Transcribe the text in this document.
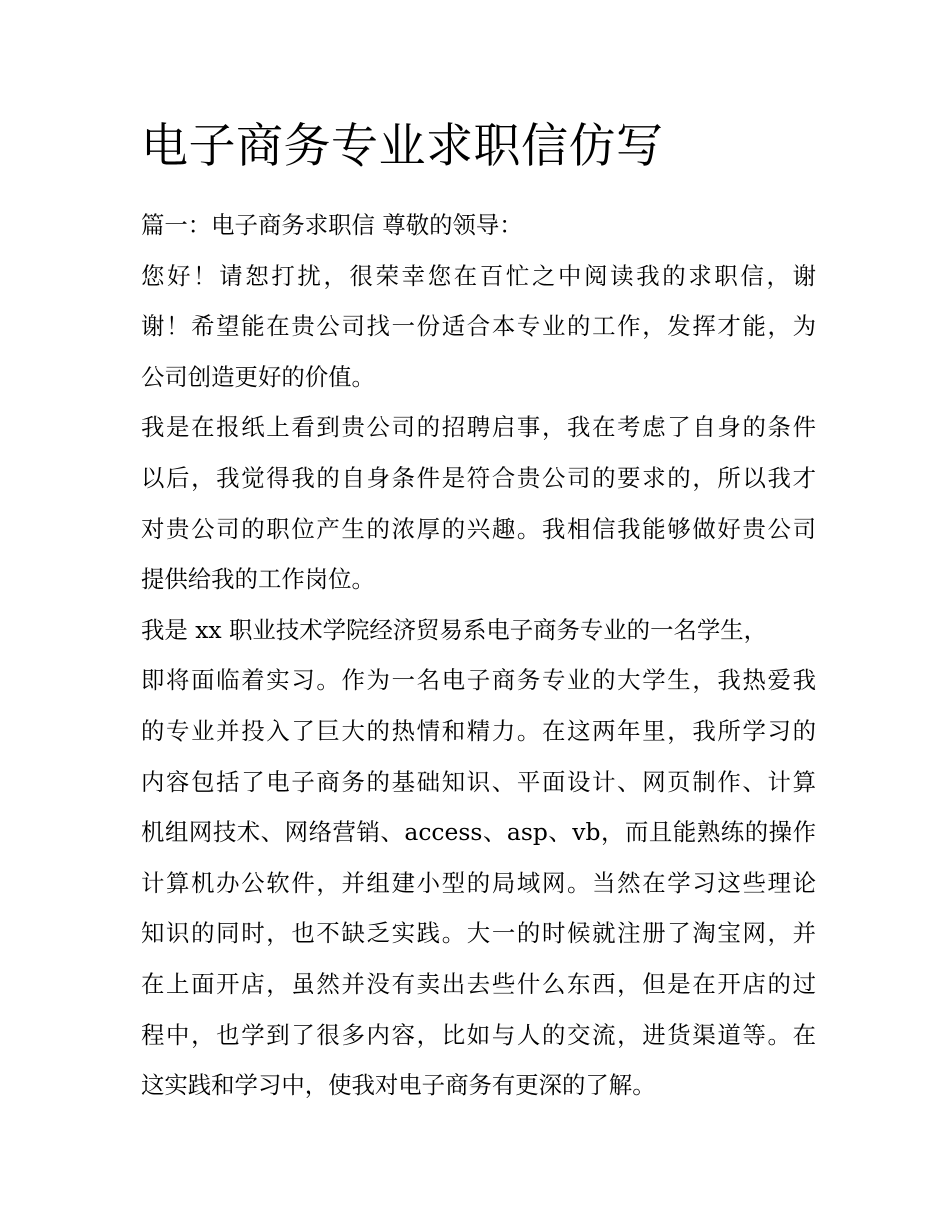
电子商务专业求职信仿写
篇一：电子商务求职信 尊敬的领导：
您好！请恕打扰，很荣幸您在百忙之中阅读我的求职信，谢
谢！希望能在贵公司找一份适合本专业的工作，发挥才能，为
公司创造更好的价值。
我是在报纸上看到贵公司的招聘启事，我在考虑了自身的条件
以后，我觉得我的自身条件是符合贵公司的要求的，所以我才
对贵公司的职位产生的浓厚的兴趣。我相信我能够做好贵公司
提供给我的工作岗位。
我是 xx 职业技术学院经济贸易系电子商务专业的一名学生，
即将面临着实习。作为一名电子商务专业的大学生，我热爱我
的专业并投入了巨大的热情和精力。在这两年里，我所学习的
内容包括了电子商务的基础知识、平面设计、网页制作、计算
机组网技术、网络营销、access、asp、vb，而且能熟练的操作
计算机办公软件，并组建小型的局域网。当然在学习这些理论
知识的同时，也不缺乏实践。大一的时候就注册了淘宝网，并
在上面开店，虽然并没有卖出去些什么东西，但是在开店的过
程中，也学到了很多内容，比如与人的交流，进货渠道等。在
这实践和学习中，使我对电子商务有更深的了解。
